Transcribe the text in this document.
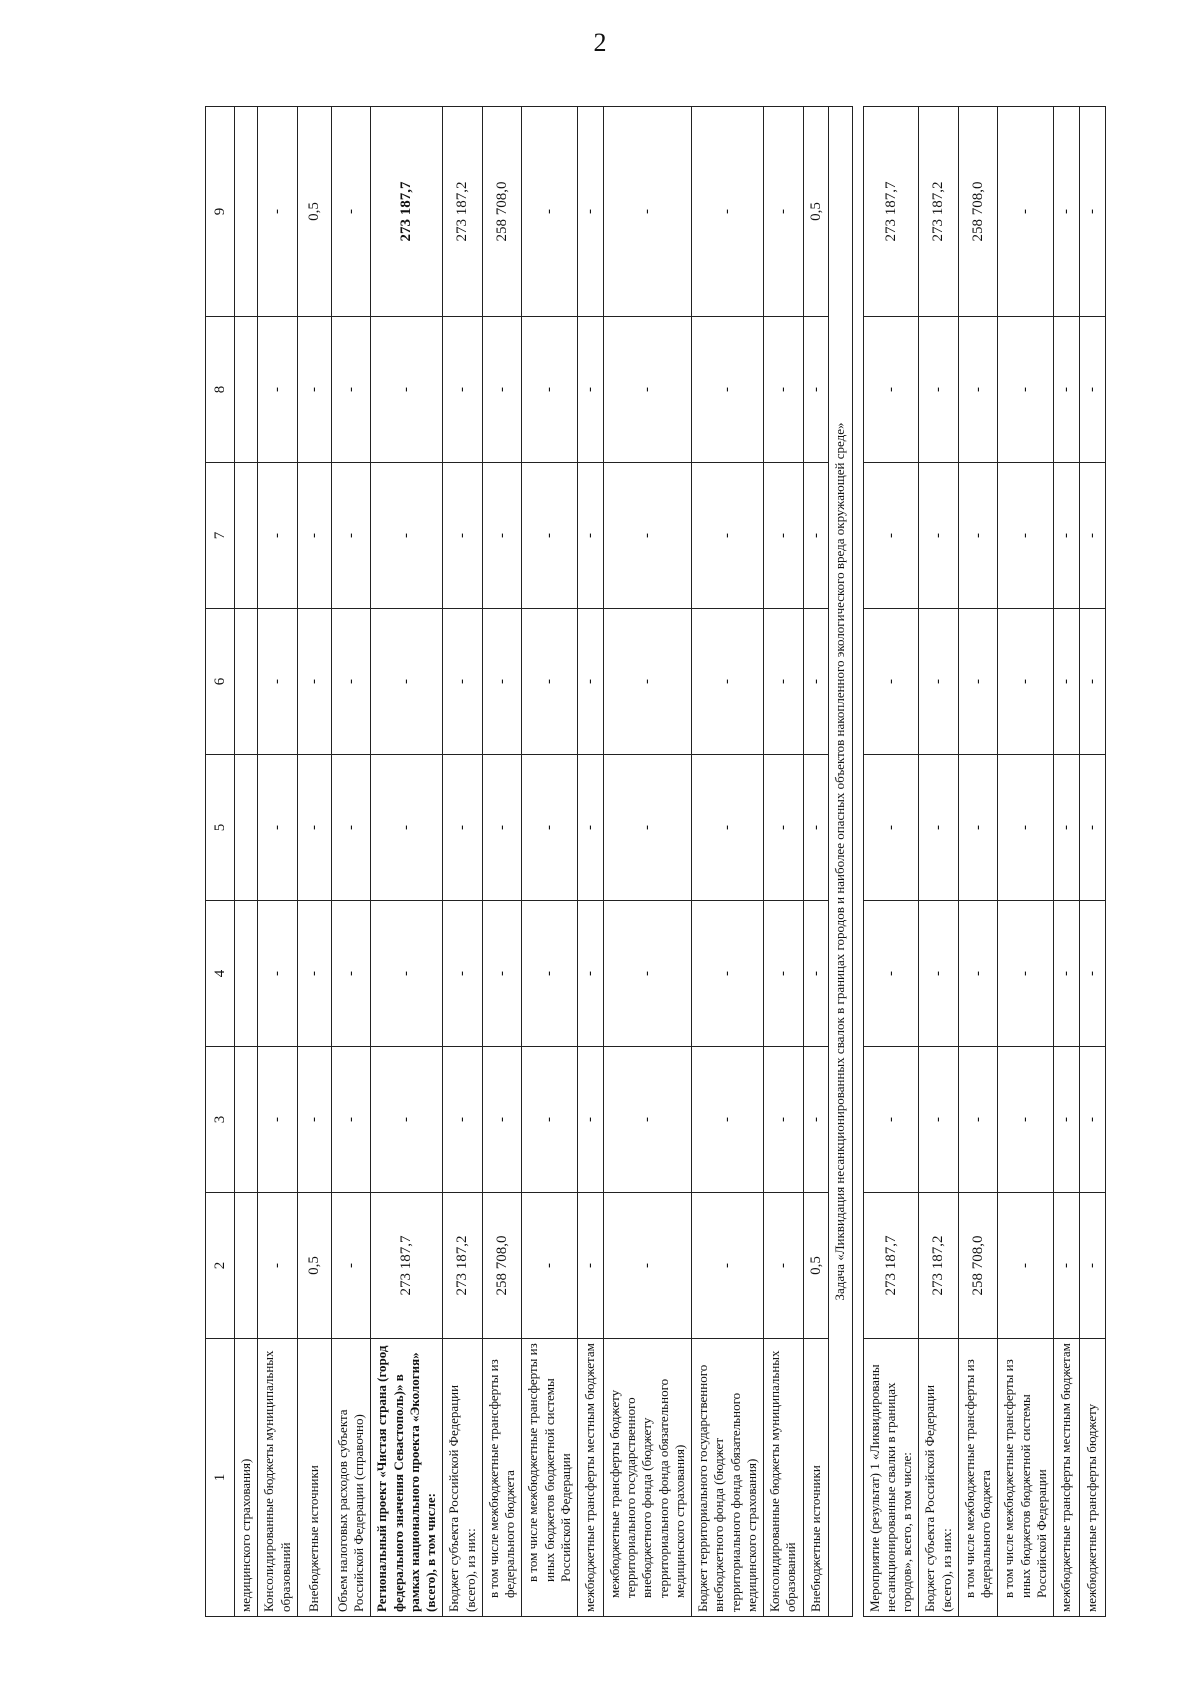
2
1	2	3	4	5	6	7	8	9
медицинского страхования)								
Консолидированные бюджеты муниципальных образований	-	-	-	-	-	-	-	-
Внебюджетные источники	0,5	-	-	-	-	-	-	0,5
Объем налоговых расходов субъекта Российской Федерации (справочно)	-	-	-	-	-	-	-	-
Региональный проект «Чистая страна (город федерального значения Севастополь)» в рамках национального проекта «Экология» (всего), в том числе:	273 187,7	-	-	-	-	-	-	273 187,7
Бюджет субъекта Российской Федерации (всего), из них:	273 187,2	-	-	-	-	-	-	273 187,2
в том числе межбюджетные трансферты из федерального бюджета	258 708,0	-	-	-	-	-	-	258 708,0
в том числе межбюджетные трансферты из иных бюджетов бюджетной системы Российской Федерации	-	-	-	-	-	-	-	-
межбюджетные трансферты местным бюджетам	-	-	-	-	-	-	-	-
межбюджетные трансферты бюджету территориального государственного внебюджетного фонда (бюджету территориального фонда обязательного медицинского страхования)	-	-	-	-	-	-	-	-
Бюджет территориального государственного внебюджетного фонда (бюджет территориального фонда обязательного медицинского страхования)	-	-	-	-	-	-	-	-
Консолидированные бюджеты муниципальных образований	-	-	-	-	-	-	-	-
Внебюджетные источники	0,5	-	-	-	-	-	-	0,5
Задача «Ликвидация несанкционированных свалок в границах городов и наиболее опасных объектов накопленного экологического вреда окружающей среде»								

Мероприятие (результат) 1 «Ликвидированы несанкционированные свалки в границах городов», всего, в том числе:	273 187,7	-	-	-	-	-	-	273 187,7
Бюджет субъекта Российской Федерации (всего), из них:	273 187,2	-	-	-	-	-	-	273 187,2
в том числе межбюджетные трансферты из федерального бюджета	258 708,0	-	-	-	-	-	-	258 708,0
в том числе межбюджетные трансферты из иных бюджетов бюджетной системы Российской Федерации	-	-	-	-	-	-	-	-
межбюджетные трансферты местным бюджетам	-	-	-	-	-	-	-	-
межбюджетные трансферты бюджету	-	-	-	-	-	-	-	-
